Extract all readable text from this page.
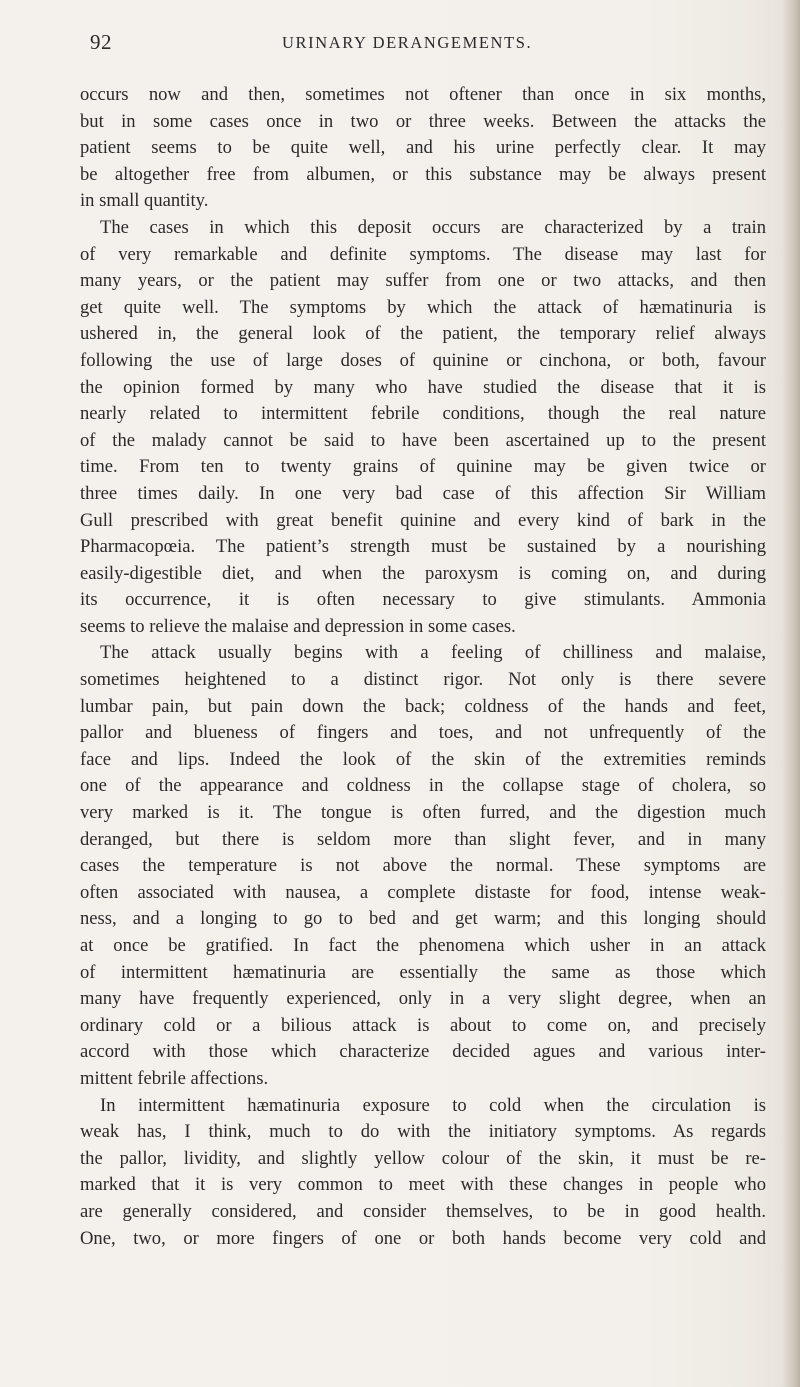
92	URINARY DERANGEMENTS.
occurs now and then, sometimes not oftener than once in six months,
but in some cases once in two or three weeks. Between the attacks the
patient seems to be quite well, and his urine perfectly clear. It may
be altogether free from albumen, or this substance may be always present
in small quantity.
The cases in which this deposit occurs are characterized by a train
of very remarkable and definite symptoms. The disease may last for
many years, or the patient may suffer from one or two attacks, and then
get quite well. The symptoms by which the attack of hæmatinuria is
ushered in, the general look of the patient, the temporary relief always
following the use of large doses of quinine or cinchona, or both, favour
the opinion formed by many who have studied the disease that it is
nearly related to intermittent febrile conditions, though the real nature
of the malady cannot be said to have been ascertained up to the present
time. From ten to twenty grains of quinine may be given twice or
three times daily. In one very bad case of this affection Sir William
Gull prescribed with great benefit quinine and every kind of bark in the
Pharmacopœia. The patient’s strength must be sustained by a nourishing
easily-digestible diet, and when the paroxysm is coming on, and during
its occurrence, it is often necessary to give stimulants. Ammonia
seems to relieve the malaise and depression in some cases.
The attack usually begins with a feeling of chilliness and malaise,
sometimes heightened to a distinct rigor. Not only is there severe
lumbar pain, but pain down the back; coldness of the hands and feet,
pallor and blueness of fingers and toes, and not unfrequently of the
face and lips. Indeed the look of the skin of the extremities reminds
one of the appearance and coldness in the collapse stage of cholera, so
very marked is it. The tongue is often furred, and the digestion much
deranged, but there is seldom more than slight fever, and in many
cases the temperature is not above the normal. These symptoms are
often associated with nausea, a complete distaste for food, intense weak-
ness, and a longing to go to bed and get warm; and this longing should
at once be gratified. In fact the phenomena which usher in an attack
of intermittent hæmatinuria are essentially the same as those which
many have frequently experienced, only in a very slight degree, when an
ordinary cold or a bilious attack is about to come on, and precisely
accord with those which characterize decided agues and various inter-
mittent febrile affections.
In intermittent hæmatinuria exposure to cold when the circulation is
weak has, I think, much to do with the initiatory symptoms. As regards
the pallor, lividity, and slightly yellow colour of the skin, it must be re-
marked that it is very common to meet with these changes in people who
are generally considered, and consider themselves, to be in good health.
One, two, or more fingers of one or both hands become very cold and
